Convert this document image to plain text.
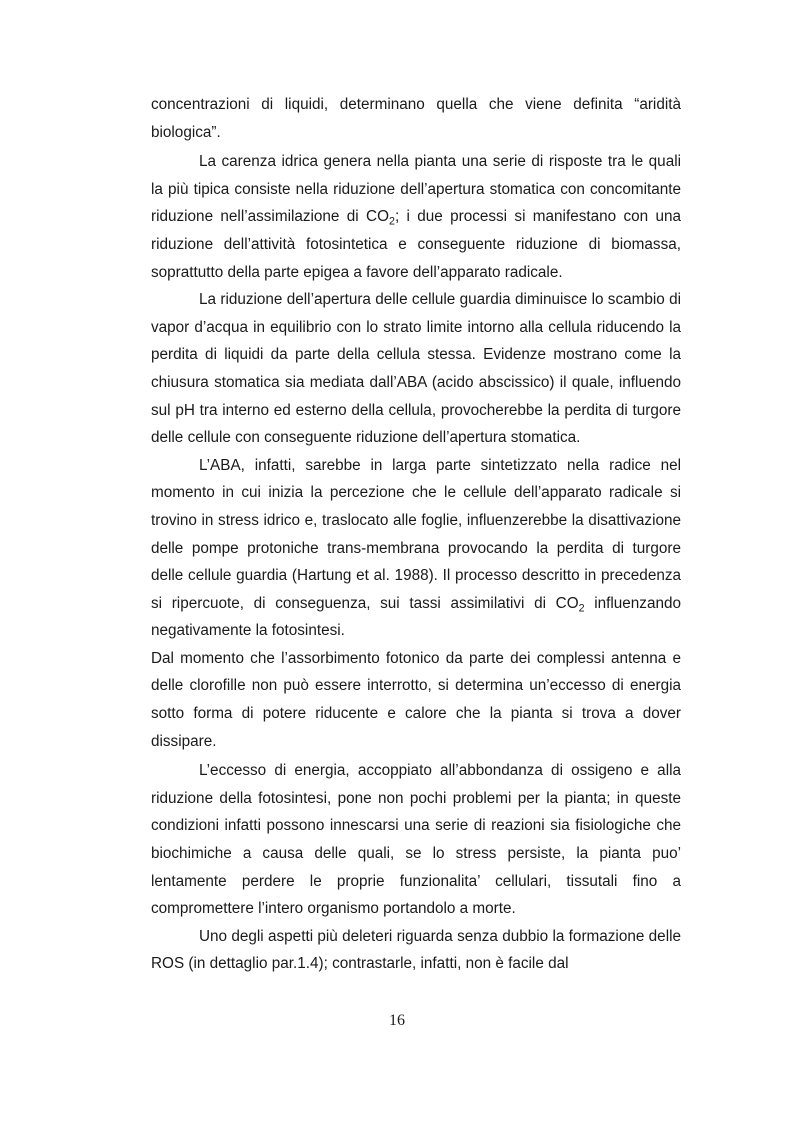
concentrazioni di liquidi, determinano quella che viene definita “aridità biologica”.

La carenza idrica genera nella pianta una serie di risposte tra le quali la più tipica consiste nella riduzione dell’apertura stomatica con concomitante riduzione nell’assimilazione di $CO_2$; i due processi si manifestano con una riduzione dell’attività fotosintetica e conseguente riduzione di biomassa, soprattutto della parte epigea a favore dell’apparato radicale.

La riduzione dell’apertura delle cellule guardia diminuisce lo scambio di vapor d’acqua in equilibrio con lo strato limite intorno alla cellula riducendo la perdita di liquidi da parte della cellula stessa. Evidenze mostrano come la chiusura stomatica sia mediata dall’ABA (acido abscissico) il quale, influendo sul pH tra interno ed esterno della cellula, provocherebbe la perdita di turgore delle cellule con conseguente riduzione dell’apertura stomatica.

L’ABA, infatti, sarebbe in larga parte sintetizzato nella radice nel momento in cui inizia la percezione che le cellule dell’apparato radicale si trovino in stress idrico e, traslocato alle foglie, influenzerebbe la disattivazione delle pompe protoniche trans-membrana provocando la perdita di turgore delle cellule guardia (Hartung et al. 1988). Il processo descritto in precedenza si ripercuote, di conseguenza, sui tassi assimilativi di $CO_2$ influenzando negativamente la fotosintesi.

Dal momento che l’assorbimento fotonico da parte dei complessi antenna e delle clorofille non può essere interrotto, si determina un’eccesso di energia sotto forma di potere riducente e calore che la pianta si trova a dover dissipare.

L’eccesso di energia, accoppiato all’abbondanza di ossigeno e alla riduzione della fotosintesi, pone non pochi problemi per la pianta; in queste condizioni infatti possono innescarsi una serie di reazioni sia fisiologiche che biochimiche a causa delle quali, se lo stress persiste, la pianta puo’ lentamente perdere le proprie funzionalita’ cellulari, tissutali fino a compromettere l’intero organismo portandolo a morte.

Uno degli aspetti più deleteri riguarda senza dubbio la formazione delle ROS (in dettaglio par.1.4); contrastarle, infatti, non è facile dal

16
